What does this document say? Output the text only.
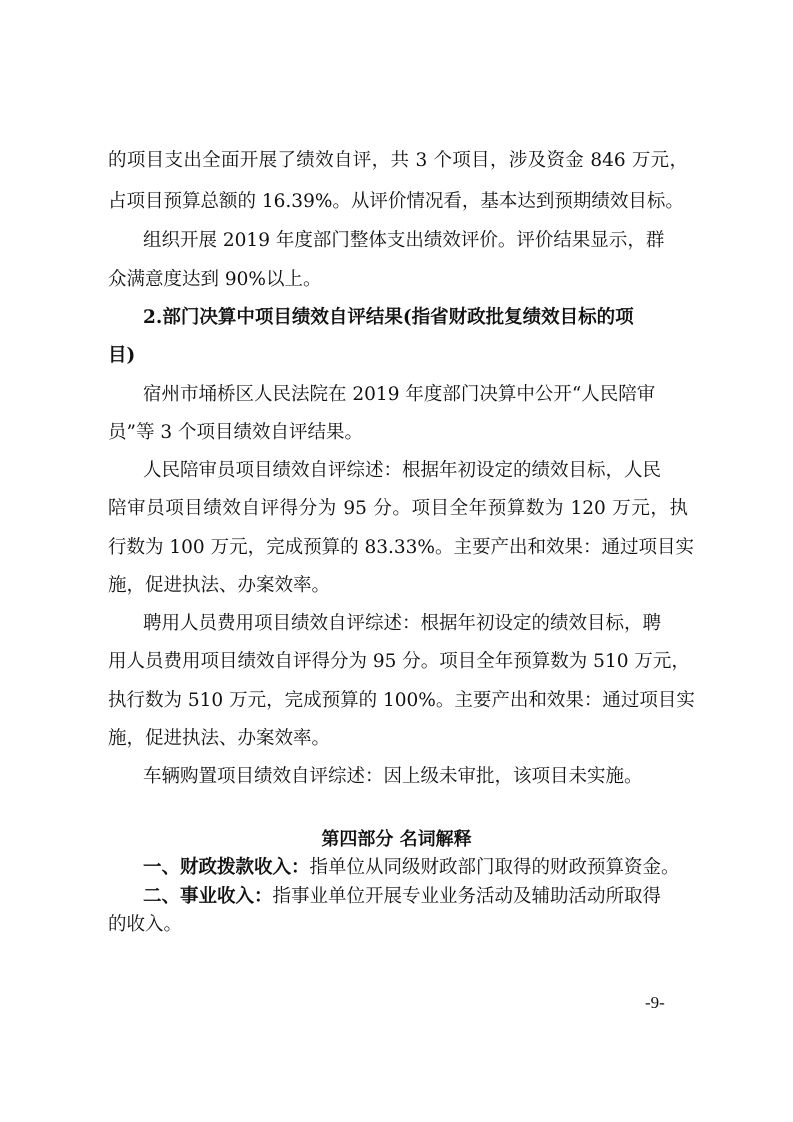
的项目支出全面开展了绩效自评，共 3 个项目，涉及资金 846 万元，
占项目预算总额的 16.39%。从评价情况看，基本达到预期绩效目标。
组织开展 2019 年度部门整体支出绩效评价。评价结果显示，群
众满意度达到 90%以上。
2.部门决算中项目绩效自评结果(指省财政批复绩效目标的项
目)
宿州市埇桥区人民法院在 2019 年度部门决算中公开“人民陪审
员”等 3 个项目绩效自评结果。
人民陪审员项目绩效自评综述：根据年初设定的绩效目标，人民
陪审员项目绩效自评得分为 95 分。项目全年预算数为 120 万元，执
行数为 100 万元，完成预算的 83.33%。主要产出和效果：通过项目实
施，促进执法、办案效率。
聘用人员费用项目绩效自评综述：根据年初设定的绩效目标，聘
用人员费用项目绩效自评得分为 95 分。项目全年预算数为 510 万元，
执行数为 510 万元，完成预算的 100%。主要产出和效果：通过项目实
施，促进执法、办案效率。
车辆购置项目绩效自评综述：因上级未审批，该项目未实施。
第四部分 名词解释
一、财政拨款收入：指单位从同级财政部门取得的财政预算资金。
二、事业收入：指事业单位开展专业业务活动及辅助活动所取得
的收入。
-9-
